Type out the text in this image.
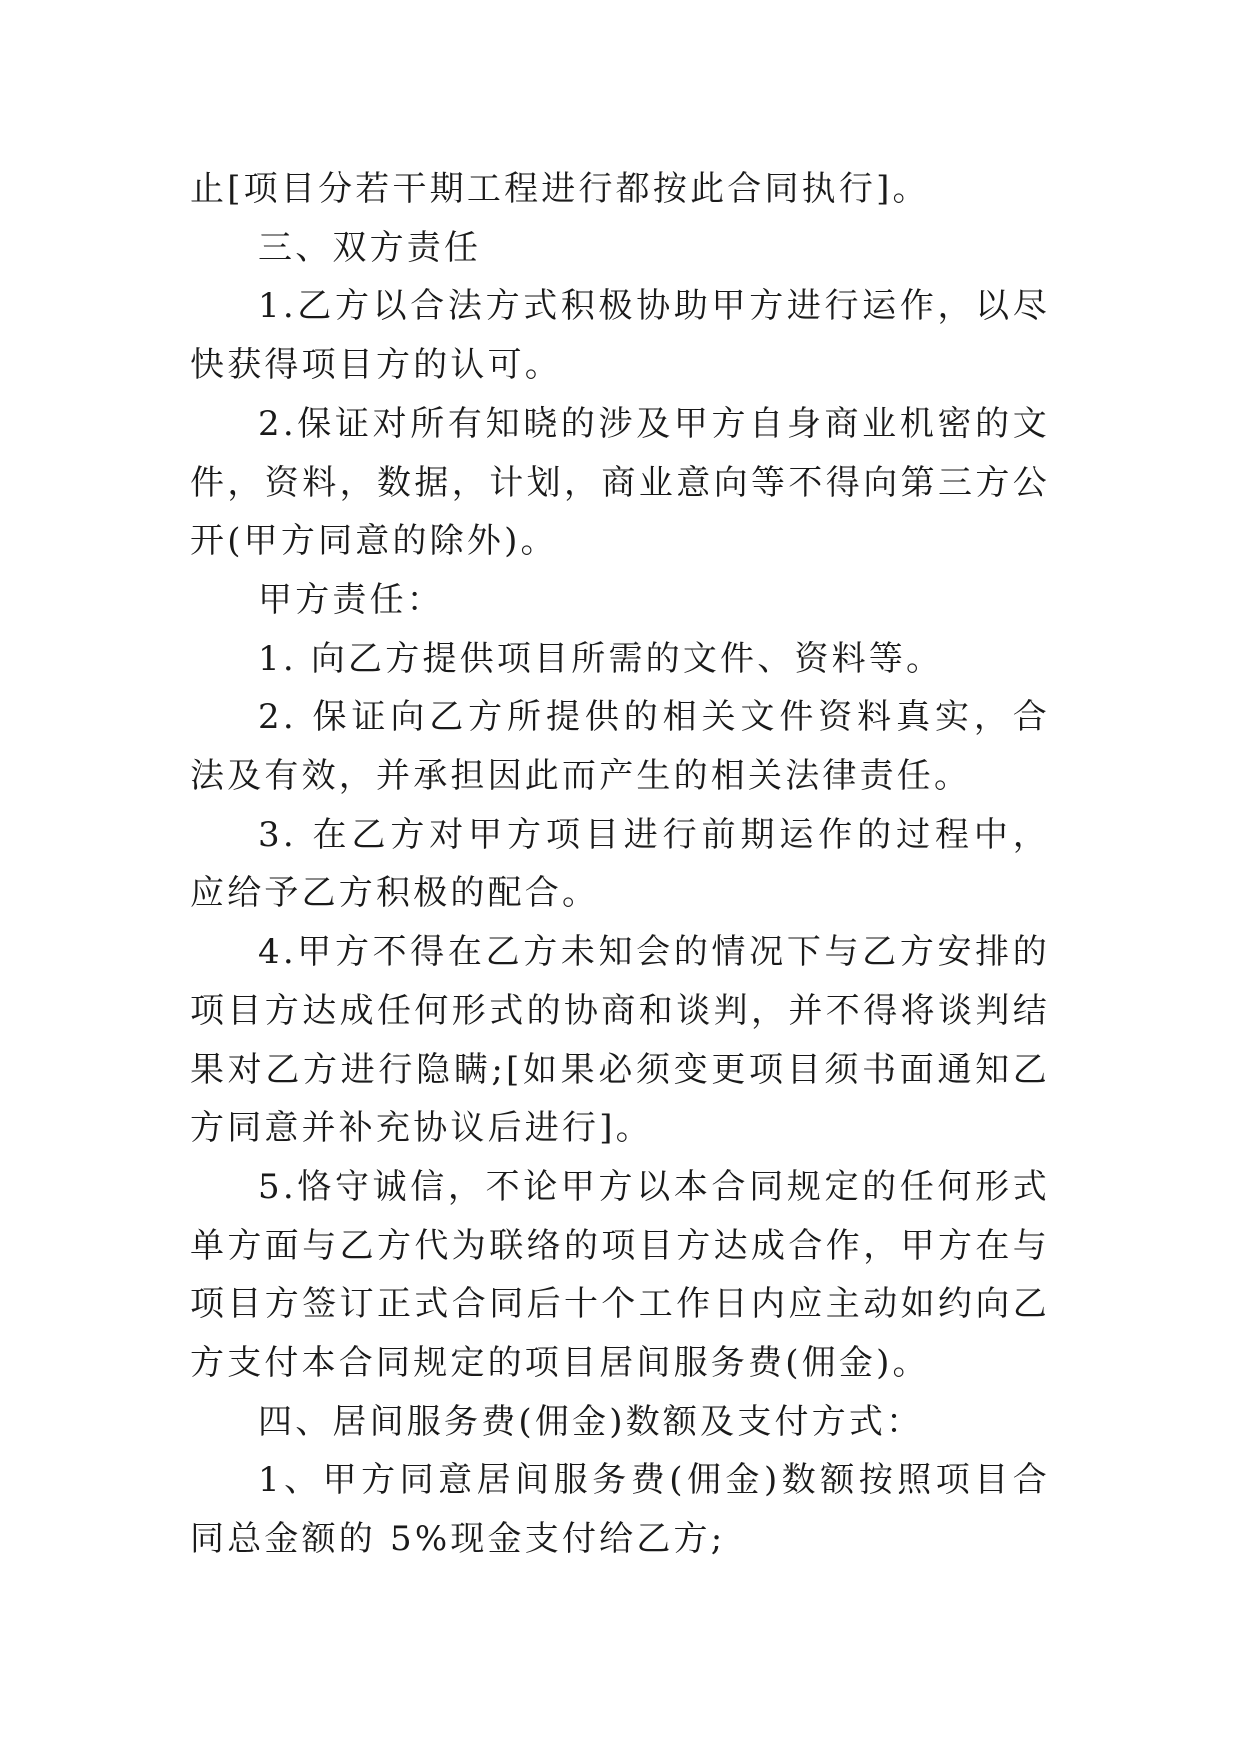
止[项目分若干期工程进行都按此合同执行]。

三、双方责任

1.乙方以合法方式积极协助甲方进行运作，以尽快获得项目方的认可。

2.保证对所有知晓的涉及甲方自身商业机密的文件，资料，数据，计划，商业意向等不得向第三方公开(甲方同意的除外)。

甲方责任：

1. 向乙方提供项目所需的文件、资料等。

2. 保证向乙方所提供的相关文件资料真实，合法及有效，并承担因此而产生的相关法律责任。

3. 在乙方对甲方项目进行前期运作的过程中，应给予乙方积极的配合。

4.甲方不得在乙方未知会的情况下与乙方安排的项目方达成任何形式的协商和谈判，并不得将谈判结果对乙方进行隐瞒;[如果必须变更项目须书面通知乙方同意并补充协议后进行]。

5.恪守诚信，不论甲方以本合同规定的任何形式单方面与乙方代为联络的项目方达成合作，甲方在与项目方签订正式合同后十个工作日内应主动如约向乙方支付本合同规定的项目居间服务费(佣金)。

四、居间服务费(佣金)数额及支付方式：

1、甲方同意居间服务费(佣金)数额按照项目合同总金额的 5%现金支付给乙方;
